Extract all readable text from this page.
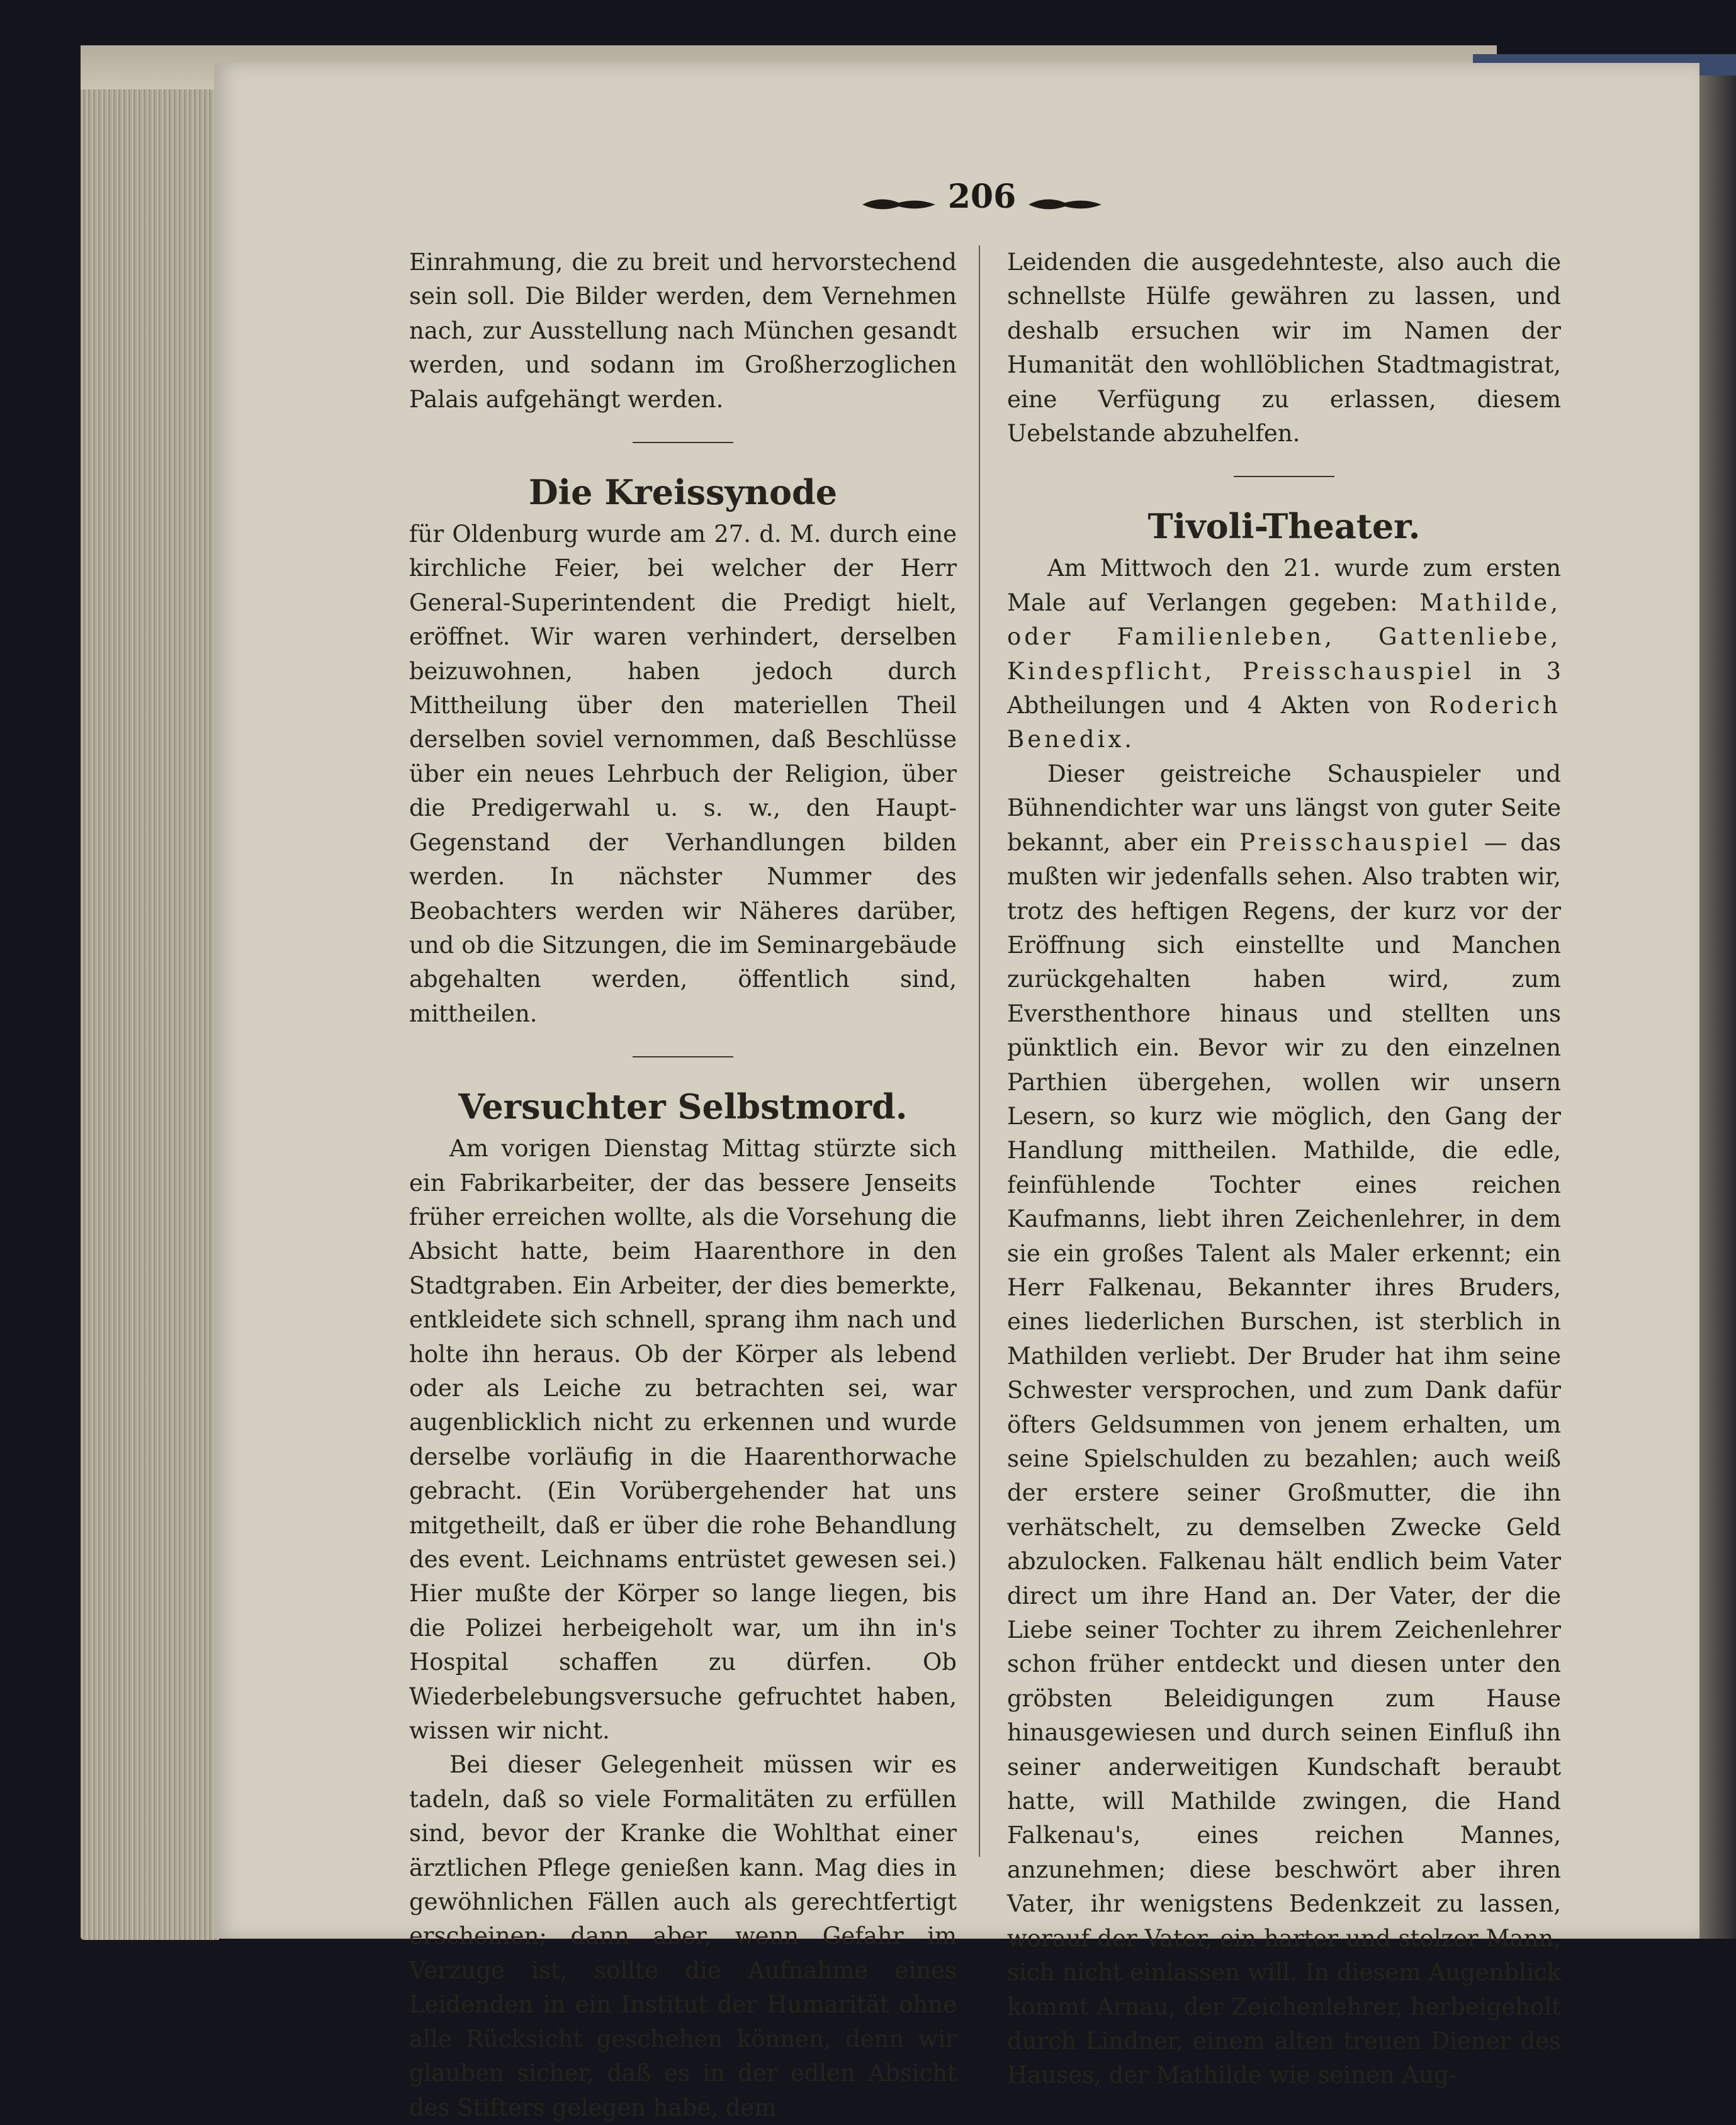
206

Einrahmung, die zu breit und hervorstechend sein soll. Die Bilder werden, dem Vernehmen nach, zur Ausstellung nach München gesandt werden, und sodann im Großherzoglichen Palais aufgehängt werden.

Die Kreissynode

für Oldenburg wurde am 27. d. M. durch eine kirchliche Feier, bei welcher der Herr General-Superintendent die Predigt hielt, eröffnet. Wir waren verhindert, derselben beizuwohnen, haben jedoch durch Mittheilung über den materiellen Theil derselben soviel vernommen, daß Beschlüsse über ein neues Lehrbuch der Religion, über die Predigerwahl u. s. w., den Haupt-Gegenstand der Verhandlungen bilden werden. In nächster Nummer des Beobachters werden wir Näheres darüber, und ob die Sitzungen, die im Seminargebäude abgehalten werden, öffentlich sind, mittheilen.

Versuchter Selbstmord.

Am vorigen Dienstag Mittag stürzte sich ein Fabrikarbeiter, der das bessere Jenseits früher erreichen wollte, als die Vorsehung die Absicht hatte, beim Haarenthore in den Stadtgraben. Ein Arbeiter, der dies bemerkte, entkleidete sich schnell, sprang ihm nach und holte ihn heraus. Ob der Körper als lebend oder als Leiche zu betrachten sei, war augenblicklich nicht zu erkennen und wurde derselbe vorläufig in die Haarenthorwache gebracht. (Ein Vorübergehender hat uns mitgetheilt, daß er über die rohe Behandlung des event. Leichnams entrüstet gewesen sei.) Hier mußte der Körper so lange liegen, bis die Polizei herbeigeholt war, um ihn in's Hospital schaffen zu dürfen. Ob Wiederbelebungsversuche gefruchtet haben, wissen wir nicht.

Bei dieser Gelegenheit müssen wir es tadeln, daß so viele Formalitäten zu erfüllen sind, bevor der Kranke die Wohlthat einer ärztlichen Pflege genießen kann. Mag dies in gewöhnlichen Fällen auch als gerechtfertigt erscheinen; dann aber, wenn Gefahr im Verzuge ist, sollte die Aufnahme eines Leidenden in ein Institut der Humarität ohne alle Rücksicht geschehen können, denn wir glauben sicher, daß es in der edlen Absicht des Stifters gelegen habe, dem

Leidenden die ausgedehnteste, also auch die schnellste Hülfe gewähren zu lassen, und deshalb ersuchen wir im Namen der Humanität den wohllöblichen Stadtmagistrat, eine Verfügung zu erlassen, diesem Uebelstande abzuhelfen.

Tivoli-Theater.

Am Mittwoch den 21. wurde zum ersten Male auf Verlangen gegeben: Mathilde, oder Familienleben, Gattenliebe, Kindespflicht, Preisschauspiel in 3 Abtheilungen und 4 Akten von Roderich Benedix.

Dieser geistreiche Schauspieler und Bühnendichter war uns längst von guter Seite bekannt, aber ein Preisschauspiel — das mußten wir jedenfalls sehen. Also trabten wir, trotz des heftigen Regens, der kurz vor der Eröffnung sich einstellte und Manchen zurückgehalten haben wird, zum Eversthenthore hinaus und stellten uns pünktlich ein. Bevor wir zu den einzelnen Parthien übergehen, wollen wir unsern Lesern, so kurz wie möglich, den Gang der Handlung mittheilen. Mathilde, die edle, feinfühlende Tochter eines reichen Kaufmanns, liebt ihren Zeichenlehrer, in dem sie ein großes Talent als Maler erkennt; ein Herr Falkenau, Bekannter ihres Bruders, eines liederlichen Burschen, ist sterblich in Mathilden verliebt. Der Bruder hat ihm seine Schwester versprochen, und zum Dank dafür öfters Geldsummen von jenem erhalten, um seine Spielschulden zu bezahlen; auch weiß der erstere seiner Großmutter, die ihn verhätschelt, zu demselben Zwecke Geld abzulocken. Falkenau hält endlich beim Vater direct um ihre Hand an. Der Vater, der die Liebe seiner Tochter zu ihrem Zeichenlehrer schon früher entdeckt und diesen unter den gröbsten Beleidigungen zum Hause hinausgewiesen und durch seinen Einfluß ihn seiner anderweitigen Kundschaft beraubt hatte, will Mathilde zwingen, die Hand Falkenau's, eines reichen Mannes, anzunehmen; diese beschwört aber ihren Vater, ihr wenigstens Bedenkzeit zu lassen, worauf der Vater, ein harter und stolzer Mann, sich nicht einlassen will. In diesem Augenblick kommt Arnau, der Zeichenlehrer, herbeigeholt durch Lindner, einem alten treuen Diener des Hauses, der Mathilde wie seinen Aug-
